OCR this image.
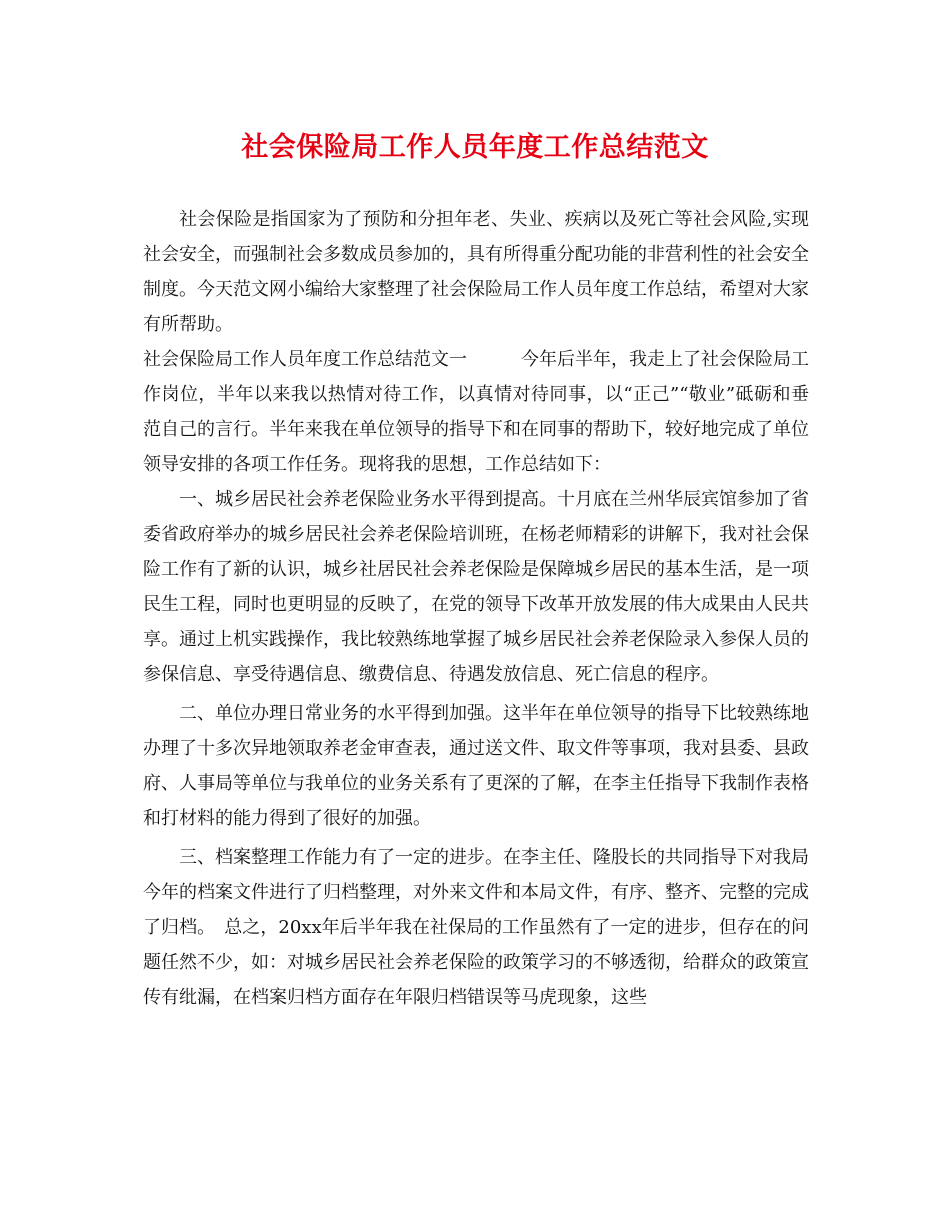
社会保险局工作人员年度工作总结范文

社会保险是指国家为了预防和分担年老、失业、疾病以及死亡等社会风险,实现社会安全，而强制社会多数成员参加的，具有所得重分配功能的非营利性的社会安全制度。今天范文网小编给大家整理了社会保险局工作人员年度工作总结，希望对大家有所帮助。

社会保险局工作人员年度工作总结范文一　　　今年后半年，我走上了社会保险局工作岗位，半年以来我以热情对待工作，以真情对待同事，以“正己”“敬业”砥砺和垂范自己的言行。半年来我在单位领导的指导下和在同事的帮助下，较好地完成了单位领导安排的各项工作任务。现将我的思想，工作总结如下：

一、城乡居民社会养老保险业务水平得到提高。十月底在兰州华辰宾馆参加了省委省政府举办的城乡居民社会养老保险培训班，在杨老师精彩的讲解下，我对社会保险工作有了新的认识，城乡社居民社会养老保险是保障城乡居民的基本生活，是一项民生工程，同时也更明显的反映了，在党的领导下改革开放发展的伟大成果由人民共享。通过上机实践操作，我比较熟练地掌握了城乡居民社会养老保险录入参保人员的参保信息、享受待遇信息、缴费信息、待遇发放信息、死亡信息的程序。

二、单位办理日常业务的水平得到加强。这半年在单位领导的指导下比较熟练地办理了十多次异地领取养老金审查表，通过送文件、取文件等事项，我对县委、县政府、人事局等单位与我单位的业务关系有了更深的了解，在李主任指导下我制作表格和打材料的能力得到了很好的加强。

三、档案整理工作能力有了一定的进步。在李主任、隆股长的共同指导下对我局今年的档案文件进行了归档整理，对外来文件和本局文件，有序、整齐、完整的完成了归档。　总之，20xx年后半年我在社保局的工作虽然有了一定的进步，但存在的问题任然不少，如：对城乡居民社会养老保险的政策学习的不够透彻，给群众的政策宣传有纰漏，在档案归档方面存在年限归档错误等马虎现象，这些
